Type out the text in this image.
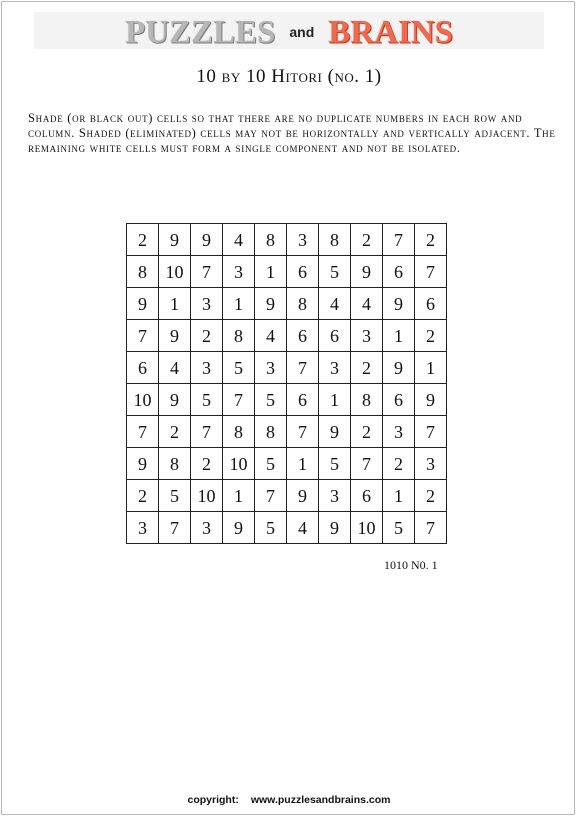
PUZZLES and BRAINS
10 by 10 Hitori (no. 1)

Shade (or black out) cells so that there are no duplicate numbers in each row and column. Shaded (eliminated) cells may not be horizontally and vertically adjacent. The remaining white cells must form a single component and not be isolated.

2	9	9	4	8	3	8	2	7	2
8	10	7	3	1	6	5	9	6	7
9	1	3	1	9	8	4	4	9	6
7	9	2	8	4	6	6	3	1	2
6	4	3	5	3	7	3	2	9	1
10	9	5	7	5	6	1	8	6	9
7	2	7	8	8	7	9	2	3	7
9	8	2	10	5	1	5	7	2	3
2	5	10	1	7	9	3	6	1	2
3	7	3	9	5	4	9	10	5	7
1010 N0. 1
copyright: www.puzzlesandbrains.com
